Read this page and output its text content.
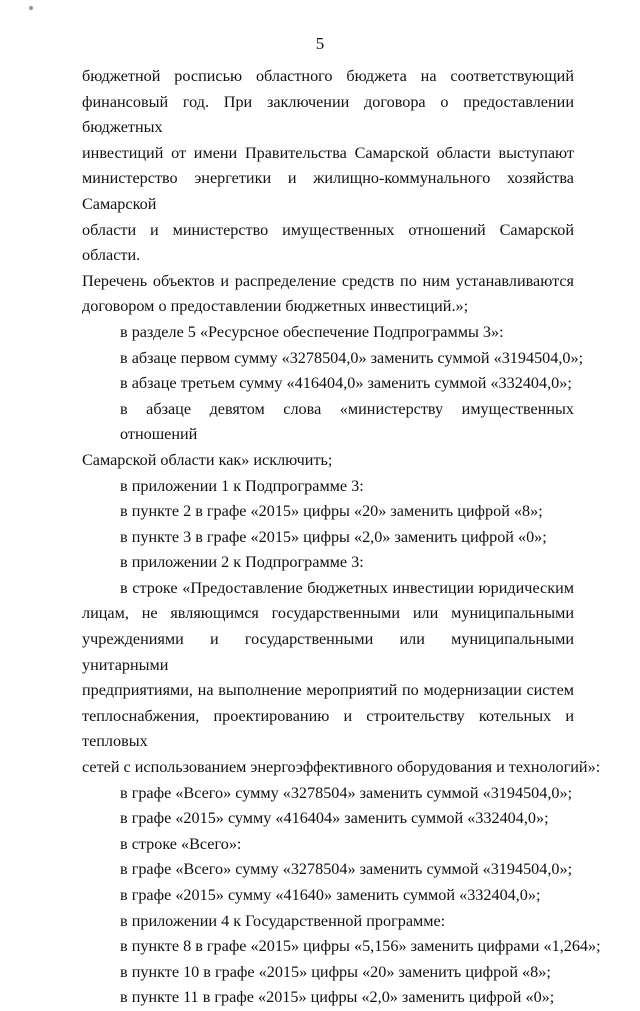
5
бюджетной росписью областного бюджета на соответствующий
финансовый год. При заключении договора о предоставлении бюджетных
инвестиций от имени Правительства Самарской области выступают
министерство энергетики и жилищно-коммунального хозяйства Самарской
области и министерство имущественных отношений Самарской области.
Перечень объектов и распределение средств по ним устанавливаются
договором о предоставлении бюджетных инвестиций.»;
в разделе 5 «Ресурсное обеспечение Подпрограммы 3»:
в абзаце первом сумму «3278504,0» заменить суммой «3194504,0»;
в абзаце третьем сумму «416404,0» заменить суммой «332404,0»;
в абзаце девятом слова «министерству имущественных отношений
Самарской области как» исключить;
в приложении 1 к Подпрограмме 3:
в пункте 2 в графе «2015» цифры «20» заменить цифрой «8»;
в пункте 3 в графе «2015» цифры «2,0» заменить цифрой «0»;
в приложении 2 к Подпрограмме 3:
в строке «Предоставление бюджетных инвестиции юридическим
лицам, не являющимся государственными или муниципальными
учреждениями и государственными или муниципальными унитарными
предприятиями, на выполнение мероприятий по модернизации систем
теплоснабжения, проектированию и строительству котельных и тепловых
сетей с использованием энергоэффективного оборудования и технологий»:
в графе «Всего» сумму «3278504» заменить суммой «3194504,0»;
в графе «2015» сумму «416404» заменить суммой «332404,0»;
в строке «Всего»:
в графе «Всего» сумму «3278504» заменить суммой «3194504,0»;
в графе «2015» сумму «41640» заменить суммой «332404,0»;
в приложении 4 к Государственной программе:
в пункте 8 в графе «2015» цифры «5,156» заменить цифрами «1,264»;
в пункте 10 в графе «2015» цифры «20» заменить цифрой «8»;
в пункте 11 в графе «2015» цифры «2,0» заменить цифрой «0»;
